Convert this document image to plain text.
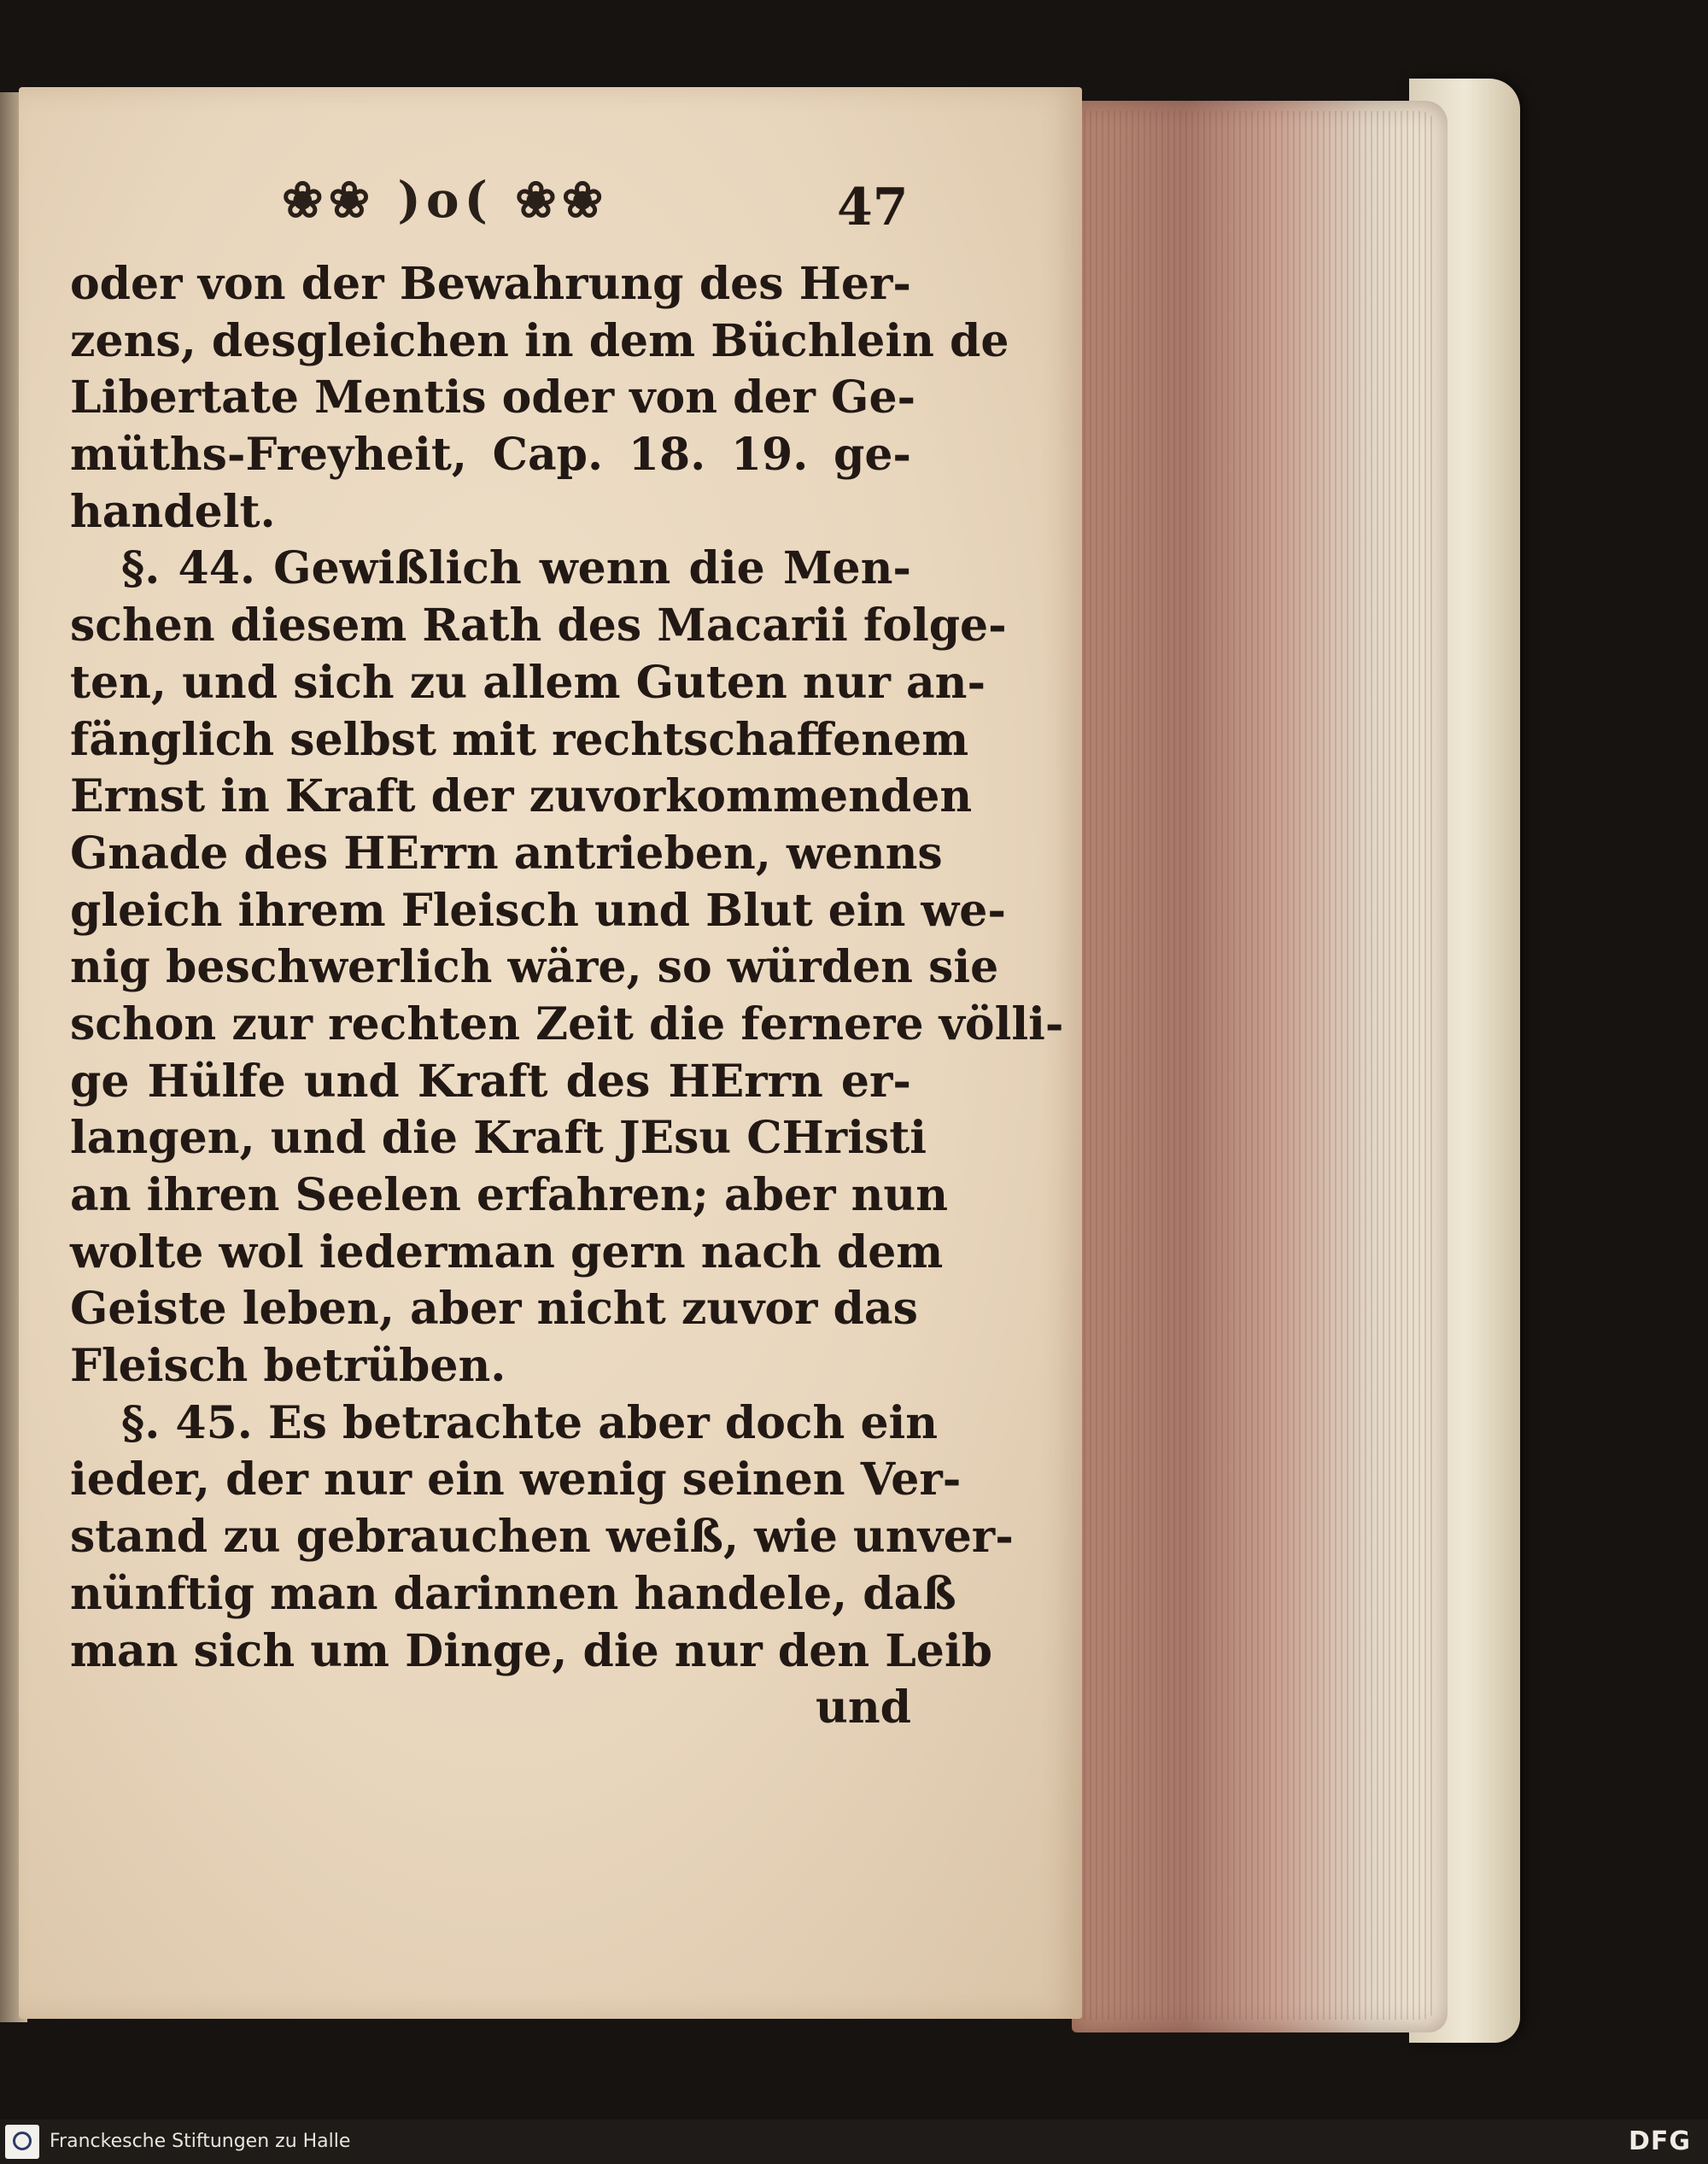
❀❀ )o( ❀❀	47
oder von der Bewahrung des Her-
zens, desgleichen in dem Büchlein de
Libertate Mentis oder von der Ge-
müths-Freyheit, Cap. 18. 19. ge-
handelt.
§. 44. Gewißlich wenn die Men-
schen diesem Rath des Macarii folge-
ten, und sich zu allem Guten nur an-
fänglich selbst mit rechtschaffenem
Ernst in Kraft der zuvorkommenden
Gnade des HErrn antrieben, wenns
gleich ihrem Fleisch und Blut ein we-
nig beschwerlich wäre, so würden sie
schon zur rechten Zeit die fernere völli-
ge Hülfe und Kraft des HErrn er-
langen, und die Kraft JEsu CHristi
an ihren Seelen erfahren; aber nun
wolte wol iederman gern nach dem
Geiste leben, aber nicht zuvor das
Fleisch betrüben.
§. 45. Es betrachte aber doch ein
ieder, der nur ein wenig seinen Ver-
stand zu gebrauchen weiß, wie unver-
nünftig man darinnen handele, daß
man sich um Dinge, die nur den Leib
und
Franckesche Stiftungen zu Halle	DFG
